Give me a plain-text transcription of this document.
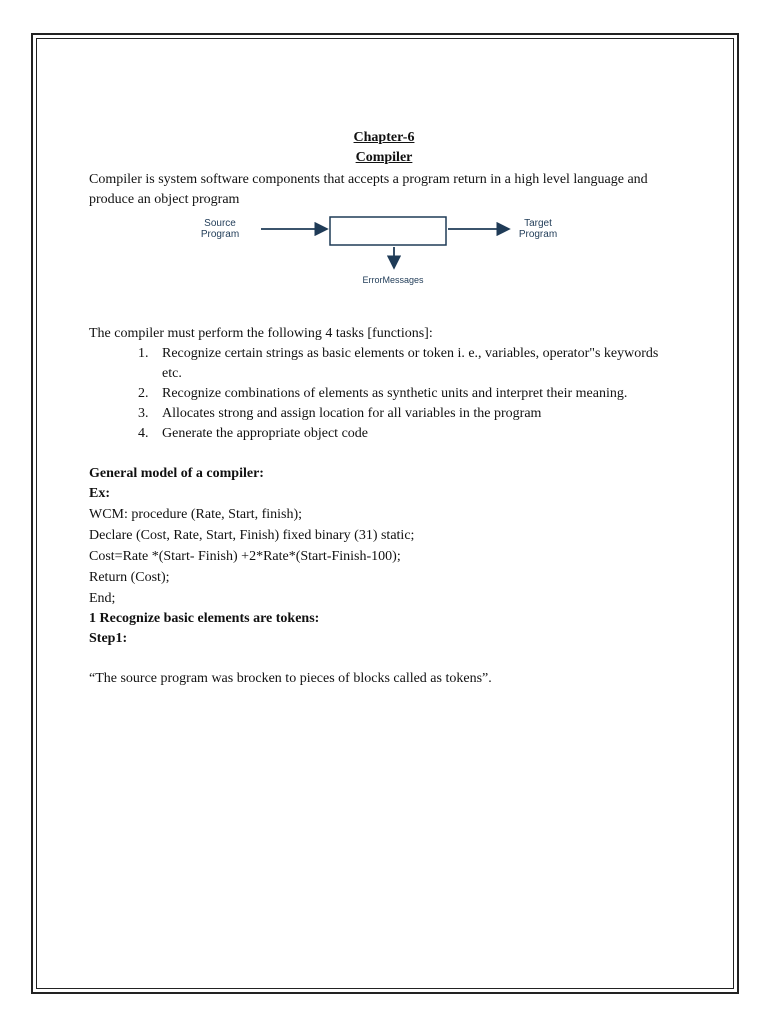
Chapter-6

Compiler

Compiler is system software components that accepts a program return in a high level language and produce an object program

Source
Program
Target
Program
ErrorMessages

The compiler must perform the following 4 tasks [functions]:

1. Recognize certain strings as basic elements or token i. e., variables, operator"s keywords etc.
2. Recognize combinations of elements as synthetic units and interpret their meaning.
3. Allocates strong and assign location for all variables in the program
4. Generate the appropriate object code

General model of a compiler:

Ex:

WCM: procedure (Rate, Start, finish);

Declare (Cost, Rate, Start, Finish) fixed binary (31) static;

Cost=Rate *(Start- Finish) +2*Rate*(Start-Finish-100);

Return (Cost);

End;

1 Recognize basic elements are tokens:

Step1:

“The source program was brocken to pieces of blocks called as tokens”.
